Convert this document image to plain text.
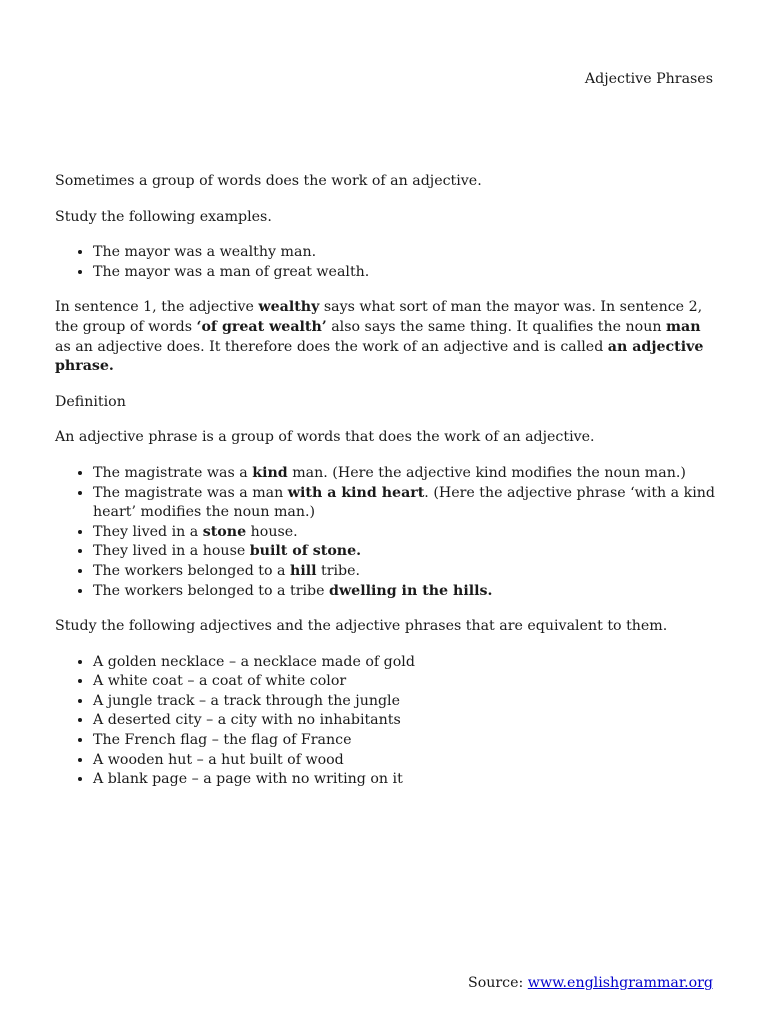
Adjective Phrases

Sometimes a group of words does the work of an adjective.

Study the following examples.

• The mayor was a wealthy man.
• The mayor was a man of great wealth.

In sentence 1, the adjective wealthy says what sort of man the mayor was. In sentence 2, the group of words ‘of great wealth’ also says the same thing. It qualifies the noun man as an adjective does. It therefore does the work of an adjective and is called an adjective phrase.

Definition

An adjective phrase is a group of words that does the work of an adjective.

• The magistrate was a kind man. (Here the adjective kind modifies the noun man.)
• The magistrate was a man with a kind heart. (Here the adjective phrase ‘with a kind heart’ modifies the noun man.)
• They lived in a stone house.
• They lived in a house built of stone.
• The workers belonged to a hill tribe.
• The workers belonged to a tribe dwelling in the hills.

Study the following adjectives and the adjective phrases that are equivalent to them.

• A golden necklace – a necklace made of gold
• A white coat – a coat of white color
• A jungle track – a track through the jungle
• A deserted city – a city with no inhabitants
• The French flag – the flag of France
• A wooden hut – a hut built of wood
• A blank page – a page with no writing on it
Source: www.englishgrammar.org
